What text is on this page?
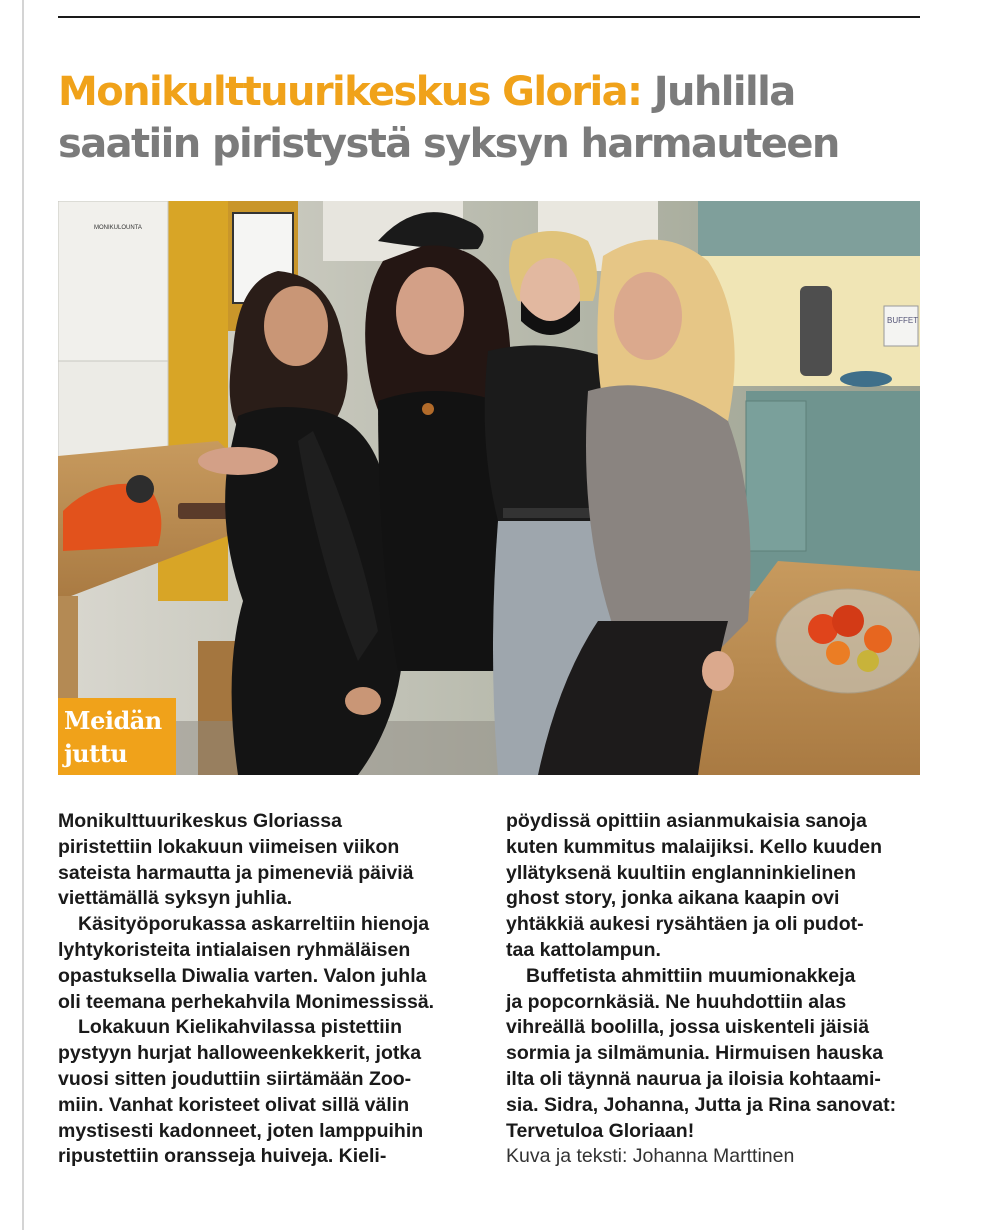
Monikulttuurikeskus Gloria: Juhlilla saatiin piristystä syksyn harmauteen
MONIKULOUNTA
BUFFET
Meidän
juttu
Monikulttuurikeskus Gloriassa
piristettiin lokakuun viimeisen viikon
sateista harmautta ja pimeneviä päiviä
viettämällä syksyn juhlia.
Käsityöporukassa askarreltiin hienoja
lyhtykoristeita intialaisen ryhmäläisen
opastuksella Diwalia varten. Valon juhla
oli teemana perhekahvila Monimessissä.
Lokakuun Kielikahvilassa pistettiin
pystyyn hurjat halloweenkekkerit, jotka
vuosi sitten jouduttiin siirtämään Zoo-
miin. Vanhat koristeet olivat sillä välin
mystisesti kadonneet, joten lamppuihin
ripustettiin oransseja huiveja. Kieli-
pöydissä opittiin asianmukaisia sanoja
kuten kummitus malaijiksi. Kello kuuden
yllätyksenä kuultiin englanninkielinen
ghost story, jonka aikana kaapin ovi
yhtäkkiä aukesi rysähtäen ja oli pudot-
taa kattolampun.
Buffetista ahmittiin muumionakkeja
ja popcornkäsiä. Ne huuhdottiin alas
vihreällä boolilla, jossa uiskenteli jäisiä
sormia ja silmämunia. Hirmuisen hauska
ilta oli täynnä naurua ja iloisia kohtaami-
sia. Sidra, Johanna, Jutta ja Rina sanovat:
Tervetuloa Gloriaan!
Kuva ja teksti: Johanna Marttinen
